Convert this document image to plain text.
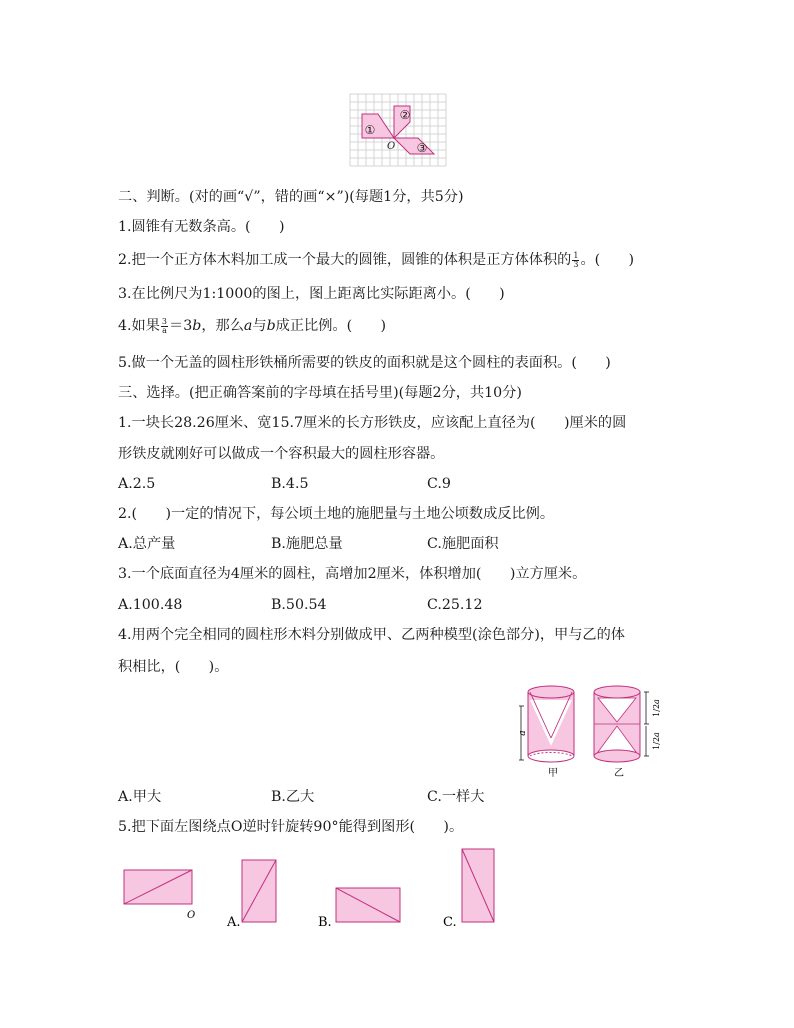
①
②
③
O
二、判断。(对的画“√”，错的画“×”)(每题1分，共5分)
1.圆锥有无数条高。(　　)
2.把一个正方体木料加工成一个最大的圆锥，圆锥的体积是正方体体积的 $\frac{1}{3}$ 。(　　)
3.在比例尺为1:1000的图上，图上距离比实际距离小。(　　)
4.如果 $\frac{3}{a} =3b$，那么a与b成正比例。(　　)
5.做一个无盖的圆柱形铁桶所需要的铁皮的面积就是这个圆柱的表面积。(　　)
三、选择。(把正确答案前的字母填在括号里)(每题2分，共10分)
1.一块长28.26厘米、宽15.7厘米的长方形铁皮，应该配上直径为(　　)厘米的圆
形铁皮就刚好可以做成一个容积最大的圆柱形容器。
A.2.5	B.4.5	C.9
2.(　　)一定的情况下，每公顷土地的施肥量与土地公顷数成反比例。
A.总产量	B.施肥总量	C.施肥面积
3.一个底面直径为4厘米的圆柱，高增加2厘米，体积增加(　　)立方厘米。
A.100.48	B.50.54	C.25.12
4.用两个完全相同的圆柱形木料分别做成甲、乙两种模型(涂色部分)，甲与乙的体
积相比，(　　)。
a
1/2a
1/2a
甲	乙
A.甲大	B.乙大	C.一样大
5.把下面左图绕点O逆时针旋转90°能得到图形(　　)。
O A.	B.	C.
